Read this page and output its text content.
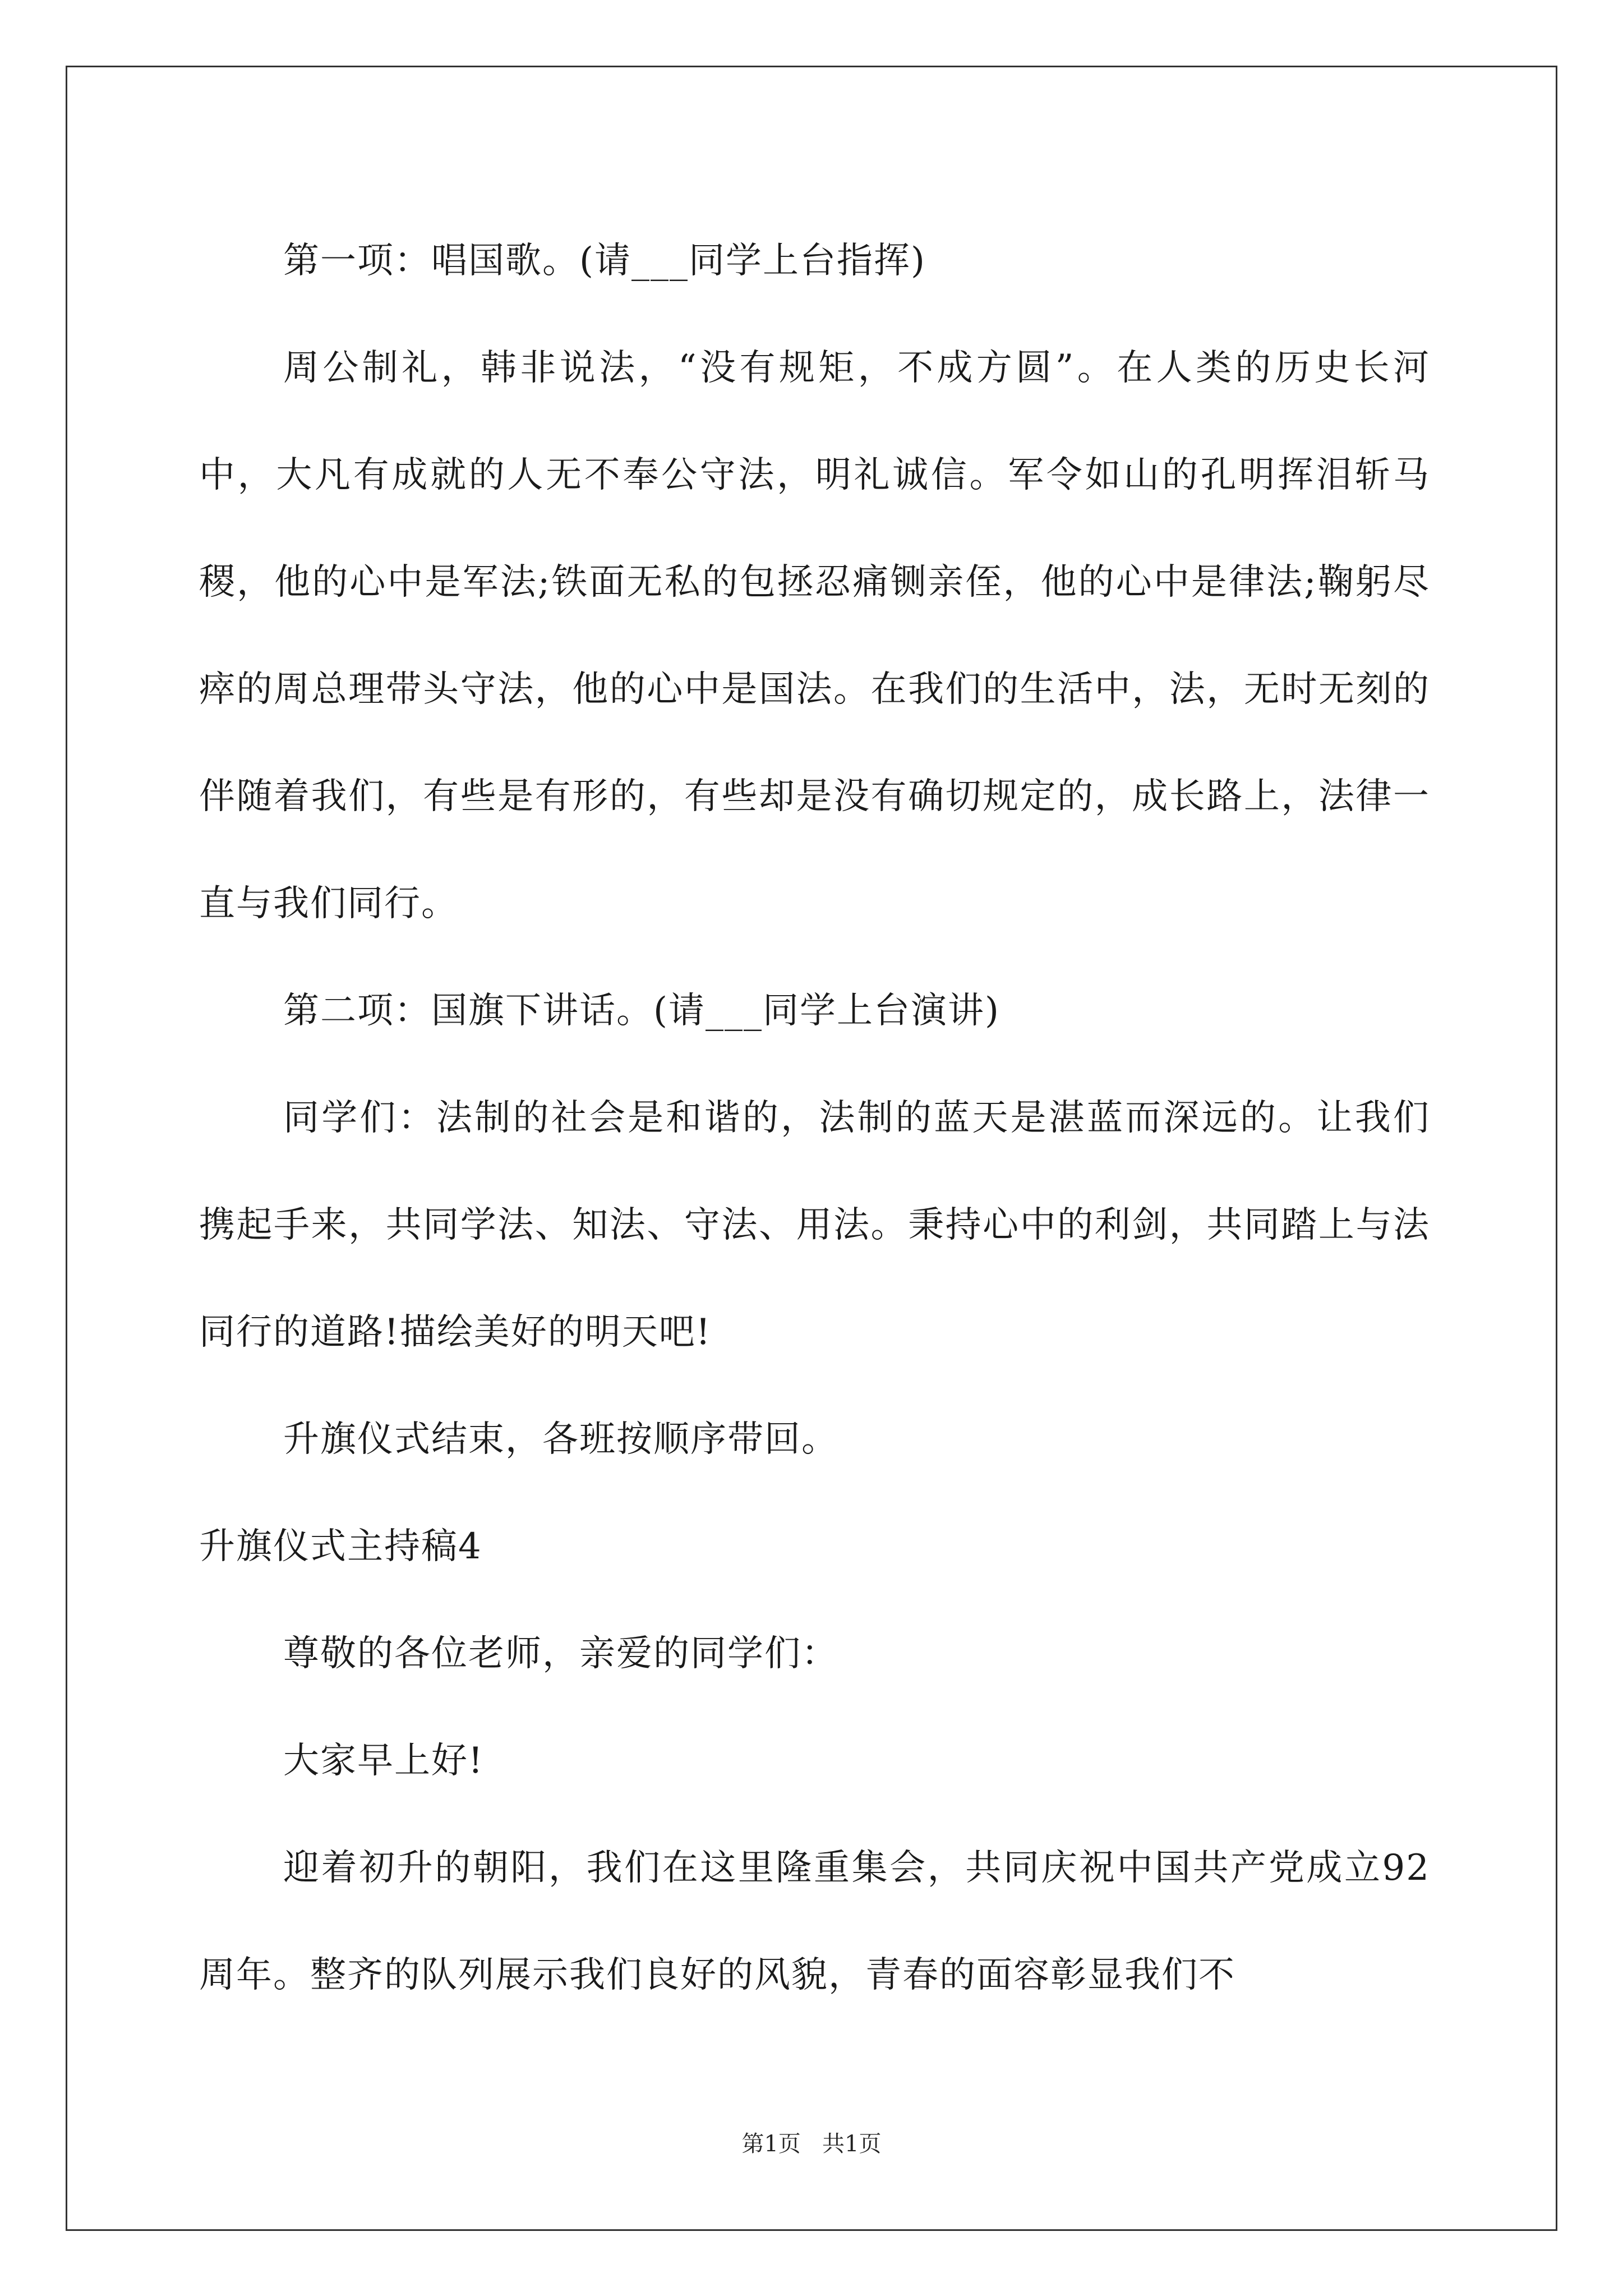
第一项：唱国歌。(请___同学上台指挥)

周公制礼，韩非说法，“没有规矩，不成方圆”。在人类的历史长河中，大凡有成就的人无不奉公守法，明礼诚信。军令如山的孔明挥泪斩马稷，他的心中是军法;铁面无私的包拯忍痛铡亲侄，他的心中是律法;鞠躬尽瘁的周总理带头守法，他的心中是国法。在我们的生活中，法，无时无刻的伴随着我们，有些是有形的，有些却是没有确切规定的，成长路上，法律一直与我们同行。

第二项：国旗下讲话。(请___同学上台演讲)

同学们：法制的社会是和谐的，法制的蓝天是湛蓝而深远的。让我们携起手来，共同学法、知法、守法、用法。秉持心中的利剑，共同踏上与法同行的道路!描绘美好的明天吧!

升旗仪式结束，各班按顺序带回。

升旗仪式主持稿4

尊敬的各位老师，亲爱的同学们：

大家早上好!

迎着初升的朝阳，我们在这里隆重集会，共同庆祝中国共产党成立92周年。整齐的队列展示我们良好的风貌，青春的面容彰显我们不

第1页   共1页
